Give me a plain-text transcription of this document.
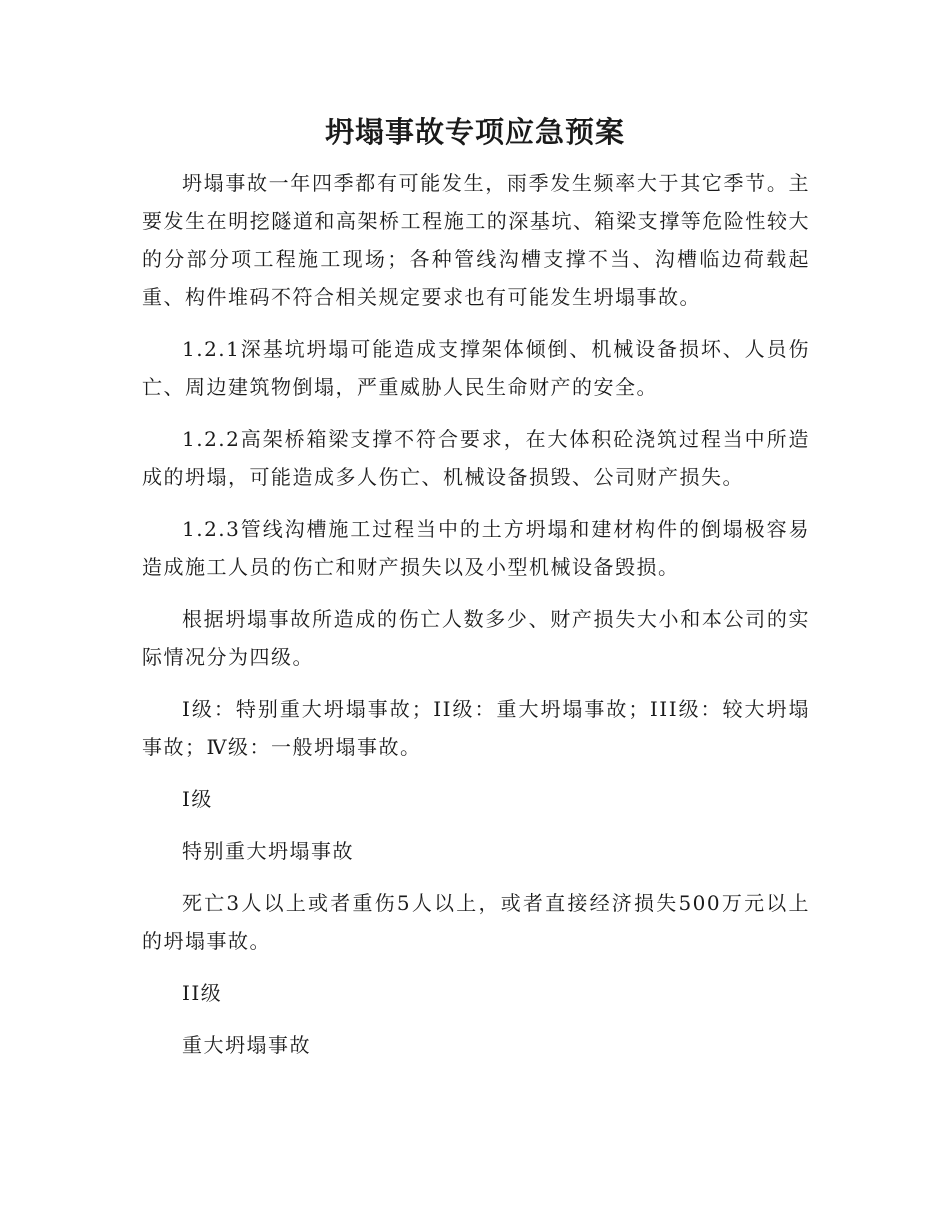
坍塌事故专项应急预案

坍塌事故一年四季都有可能发生，雨季发生频率大于其它季节。主要发生在明挖隧道和高架桥工程施工的深基坑、箱梁支撑等危险性较大的分部分项工程施工现场；各种管线沟槽支撑不当、沟槽临边荷载起重、构件堆码不符合相关规定要求也有可能发生坍塌事故。

1.2.1深基坑坍塌可能造成支撑架体倾倒、机械设备损坏、人员伤亡、周边建筑物倒塌，严重威胁人民生命财产的安全。

1.2.2高架桥箱梁支撑不符合要求，在大体积砼浇筑过程当中所造成的坍塌，可能造成多人伤亡、机械设备损毁、公司财产损失。

1.2.3管线沟槽施工过程当中的土方坍塌和建材构件的倒塌极容易造成施工人员的伤亡和财产损失以及小型机械设备毁损。

根据坍塌事故所造成的伤亡人数多少、财产损失大小和本公司的实际情况分为四级。

I级：特别重大坍塌事故；II级：重大坍塌事故；III级：较大坍塌事故；Ⅳ级：一般坍塌事故。

I级

特别重大坍塌事故

死亡3人以上或者重伤5人以上，或者直接经济损失500万元以上的坍塌事故。

II级

重大坍塌事故
